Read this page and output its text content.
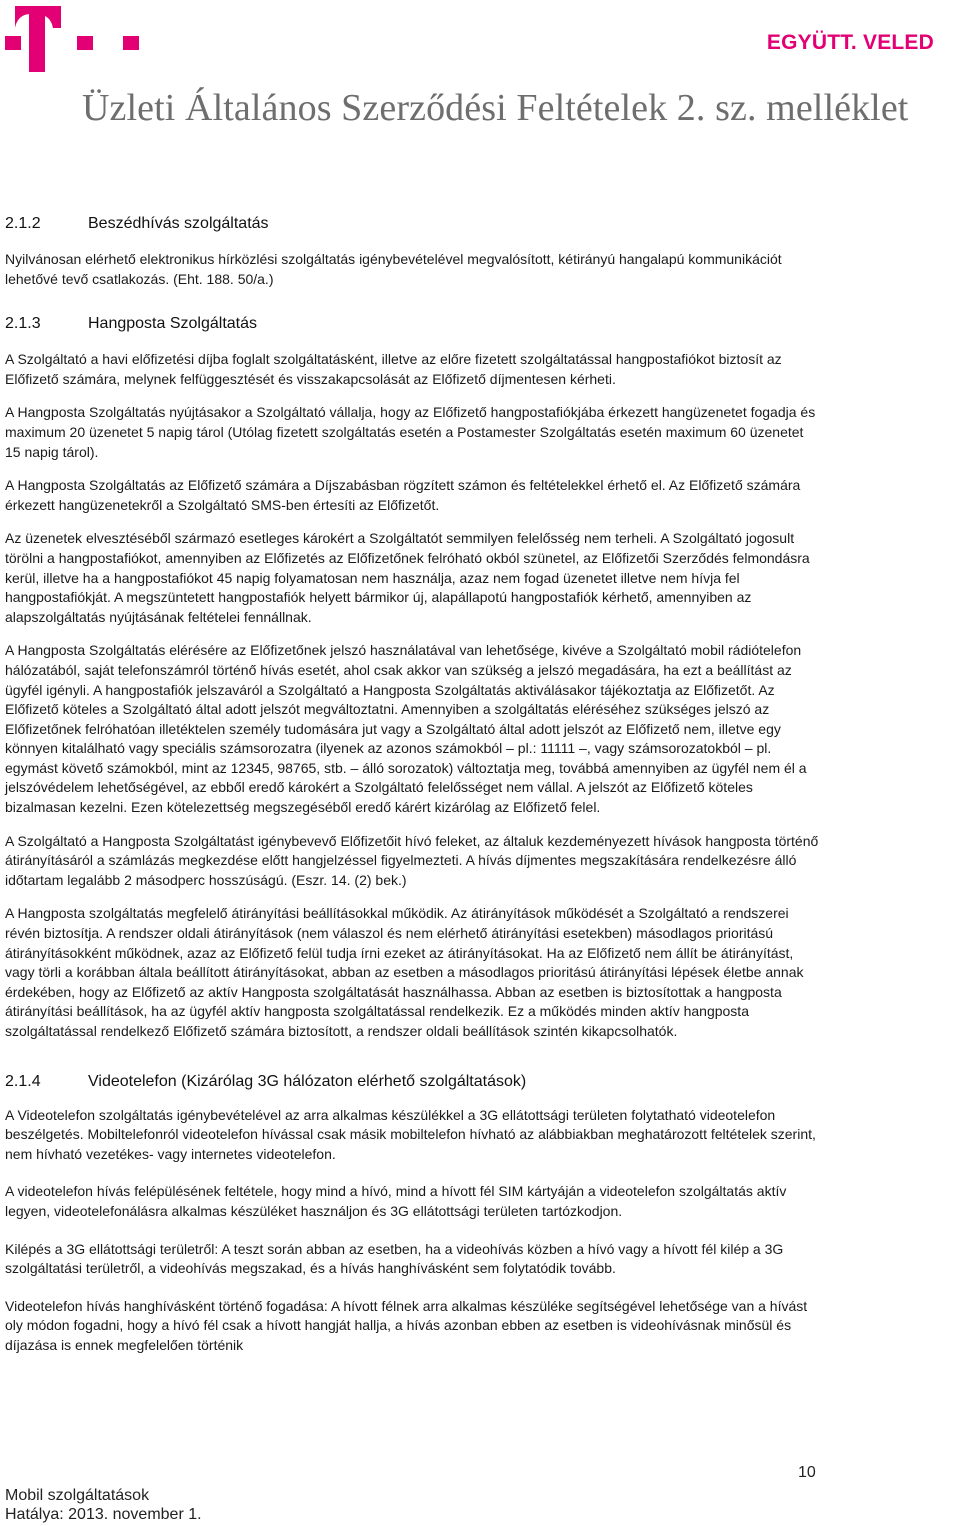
EGYÜTT. VELED
Üzleti Általános Szerződési Feltételek 2. sz. melléklet
2.1.2	Beszédhívás szolgáltatás

Nyilvánosan elérhető elektronikus hírközlési szolgáltatás igénybevételével megvalósított, kétirányú hangalapú kommunikációt lehetővé tevő csatlakozás. (Eht. 188. 50/a.)

2.1.3	Hangposta Szolgáltatás

A Szolgáltató a havi előfizetési díjba foglalt szolgáltatásként, illetve az előre fizetett szolgáltatással hangpostafiókot biztosít az Előfizető számára, melynek felfüggesztését és visszakapcsolását az Előfizető díjmentesen kérheti.

A Hangposta Szolgáltatás nyújtásakor a Szolgáltató vállalja, hogy az Előfizető hangpostafiókjába érkezett hangüzenetet fogadja és maximum 20 üzenetet 5 napig tárol (Utólag fizetett szolgáltatás esetén a Postamester Szolgáltatás esetén maximum 60 üzenetet 15 napig tárol).

A Hangposta Szolgáltatás az Előfizető számára a Díjszabásban rögzített számon és feltételekkel érhető el. Az Előfizető számára érkezett hangüzenetekről a Szolgáltató SMS-ben értesíti az Előfizetőt.

Az üzenetek elvesztéséből származó esetleges károkért a Szolgáltatót semmilyen felelősség nem terheli. A Szolgáltató jogosult törölni a hangpostafiókot, amennyiben az Előfizetés az Előfizetőnek felróható okból szünetel, az Előfizetői Szerződés felmondásra kerül, illetve ha a hangpostafiókot 45 napig folyamatosan nem használja, azaz nem fogad üzenetet illetve nem hívja fel hangpostafiókját. A megszüntetett hangpostafiók helyett bármikor új, alapállapotú hangpostafiók kérhető, amennyiben az alapszolgáltatás nyújtásának feltételei fennállnak.

A Hangposta Szolgáltatás elérésére az Előfizetőnek jelszó használatával van lehetősége, kivéve a Szolgáltató mobil rádiótelefon hálózatából, saját telefonszámról történő hívás esetét, ahol csak akkor van szükség a jelszó megadására, ha ezt a beállítást az ügyfél igényli. A hangpostafiók jelszaváról a Szolgáltató a Hangposta Szolgáltatás aktiválásakor tájékoztatja az Előfizetőt. Az Előfizető köteles a Szolgáltató által adott jelszót megváltoztatni. Amennyiben a szolgáltatás eléréséhez szükséges jelszó az Előfizetőnek felróhatóan illetéktelen személy tudomására jut vagy a Szolgáltató által adott jelszót az Előfizető nem, illetve egy könnyen kitalálható vagy speciális számsorozatra (ilyenek az azonos számokból – pl.: 11111 –, vagy számsorozatokból – pl. egymást követő számokból, mint az 12345, 98765, stb. – álló sorozatok) változtatja meg, továbbá amennyiben az ügyfél nem él a jelszóvédelem lehetőségével, az ebből eredő károkért a Szolgáltató felelősséget nem vállal. A jelszót az Előfizető köteles bizalmasan kezelni. Ezen kötelezettség megszegéséből eredő kárért kizárólag az Előfizető felel.

A Szolgáltató a Hangposta Szolgáltatást igénybevevő Előfizetőit hívó feleket, az általuk kezdeményezett hívások hangposta történő átirányításáról a számlázás megkezdése előtt hangjelzéssel figyelmezteti. A hívás díjmentes megszakítására rendelkezésre álló időtartam legalább 2 másodperc hosszúságú. (Eszr. 14. (2) bek.)

A Hangposta szolgáltatás megfelelő átirányítási beállításokkal működik. Az átirányítások működését a Szolgáltató a rendszerei révén biztosítja. A rendszer oldali átirányítások (nem válaszol és nem elérhető átirányítási esetekben) másodlagos prioritású átirányításokként működnek, azaz az Előfizető felül tudja írni ezeket az átirányításokat. Ha az Előfizető nem állít be átirányítást, vagy törli a korábban általa beállított átirányításokat, abban az esetben a másodlagos prioritású átirányítási lépések életbe annak érdekében, hogy az Előfizető az aktív Hangposta szolgáltatását használhassa. Abban az esetben is biztosítottak a hangposta átirányítási beállítások, ha az ügyfél aktív hangposta szolgáltatással rendelkezik. Ez a működés minden aktív hangposta szolgáltatással rendelkező Előfizető számára biztosított, a rendszer oldali beállítások szintén kikapcsolhatók.

2.1.4	Videotelefon (Kizárólag 3G hálózaton elérhető szolgáltatások)

A Videotelefon szolgáltatás igénybevételével az arra alkalmas készülékkel a 3G ellátottsági területen folytatható videotelefon beszélgetés. Mobiltelefonról videotelefon hívással csak másik mobiltelefon hívható az alábbiakban meghatározott feltételek szerint, nem hívható vezetékes- vagy internetes videotelefon.

A videotelefon hívás felépülésének feltétele, hogy mind a hívó, mind a hívott fél SIM kártyáján a videotelefon szolgáltatás aktív legyen, videotelefonálásra alkalmas készüléket használjon és 3G ellátottsági területen tartózkodjon.

Kilépés a 3G ellátottsági területről: A teszt során abban az esetben, ha a videohívás közben a hívó vagy a hívott fél kilép a 3G szolgáltatási területről, a videohívás megszakad, és a hívás hanghívásként sem folytatódik tovább.

Videotelefon hívás hanghívásként történő fogadása: A hívott félnek arra alkalmas készüléke segítségével lehetősége van a hívást oly módon fogadni, hogy a hívó fél csak a hívott hangját hallja, a hívás azonban ebben az esetben is videohívásnak minősül és díjazása is ennek megfelelően történik

10
Mobil szolgáltatások
Hatálya: 2013. november 1.
